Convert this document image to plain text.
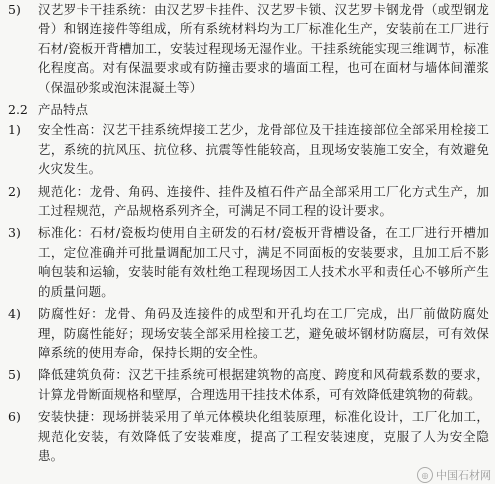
5)	汉艺罗卡干挂系统：由汉艺罗卡挂件、汉艺罗卡锁、汉艺罗卡钢龙骨（或型钢龙骨）和钢连接件等组成，所有系统材料均为工厂标准化生产，安装前在工厂进行石材/瓷板开背槽加工，安装过程现场无湿作业。干挂系统能实现三维调节，标准化程度高。对有保温要求或有防撞击要求的墙面工程，也可在面材与墙体间灌浆（保温砂浆或泡沫混凝土等）
2.2 产品特点
1)	安全性高：汉艺干挂系统焊接工艺少，龙骨部位及干挂连接部位全部采用栓接工艺，系统的抗风压、抗位移、抗震等性能较高，且现场安装施工安全，有效避免火灾发生。
2)	规范化：龙骨、角码、连接件、挂件及植石件产品全部采用工厂化方式生产，加工过程规范，产品规格系列齐全，可满足不同工程的设计要求。
3)	标准化：石材/瓷板均使用自主研发的石材/瓷板开背槽设备，在工厂进行开槽加工，定位准确并可批量调配加工尺寸，满足不同面板的安装要求，且加工后不影响包装和运输，安装时能有效杜绝工程现场因工人技术水平和责任心不够所产生的质量问题。
4)	防腐性好：龙骨、角码及连接件的成型和开孔均在工厂完成，出厂前做防腐处理，防腐性能好；现场安装全部采用栓接工艺，避免破坏钢材防腐层，可有效保障系统的使用寿命，保持长期的安全性。
5)	降低建筑负荷：汉艺干挂系统可根据建筑物的高度、跨度和风荷载系数的要求，计算龙骨断面规格和壁厚，合理选用干挂技术体系，可有效降低建筑物的荷载。
6)	安装快捷：现场拼装采用了单元体模块化组装原理，标准化设计，工厂化加工，规范化安装，有效降低了安装难度，提高了工程安装速度，克服了人为安全隐患。
◎ 中国石材网
